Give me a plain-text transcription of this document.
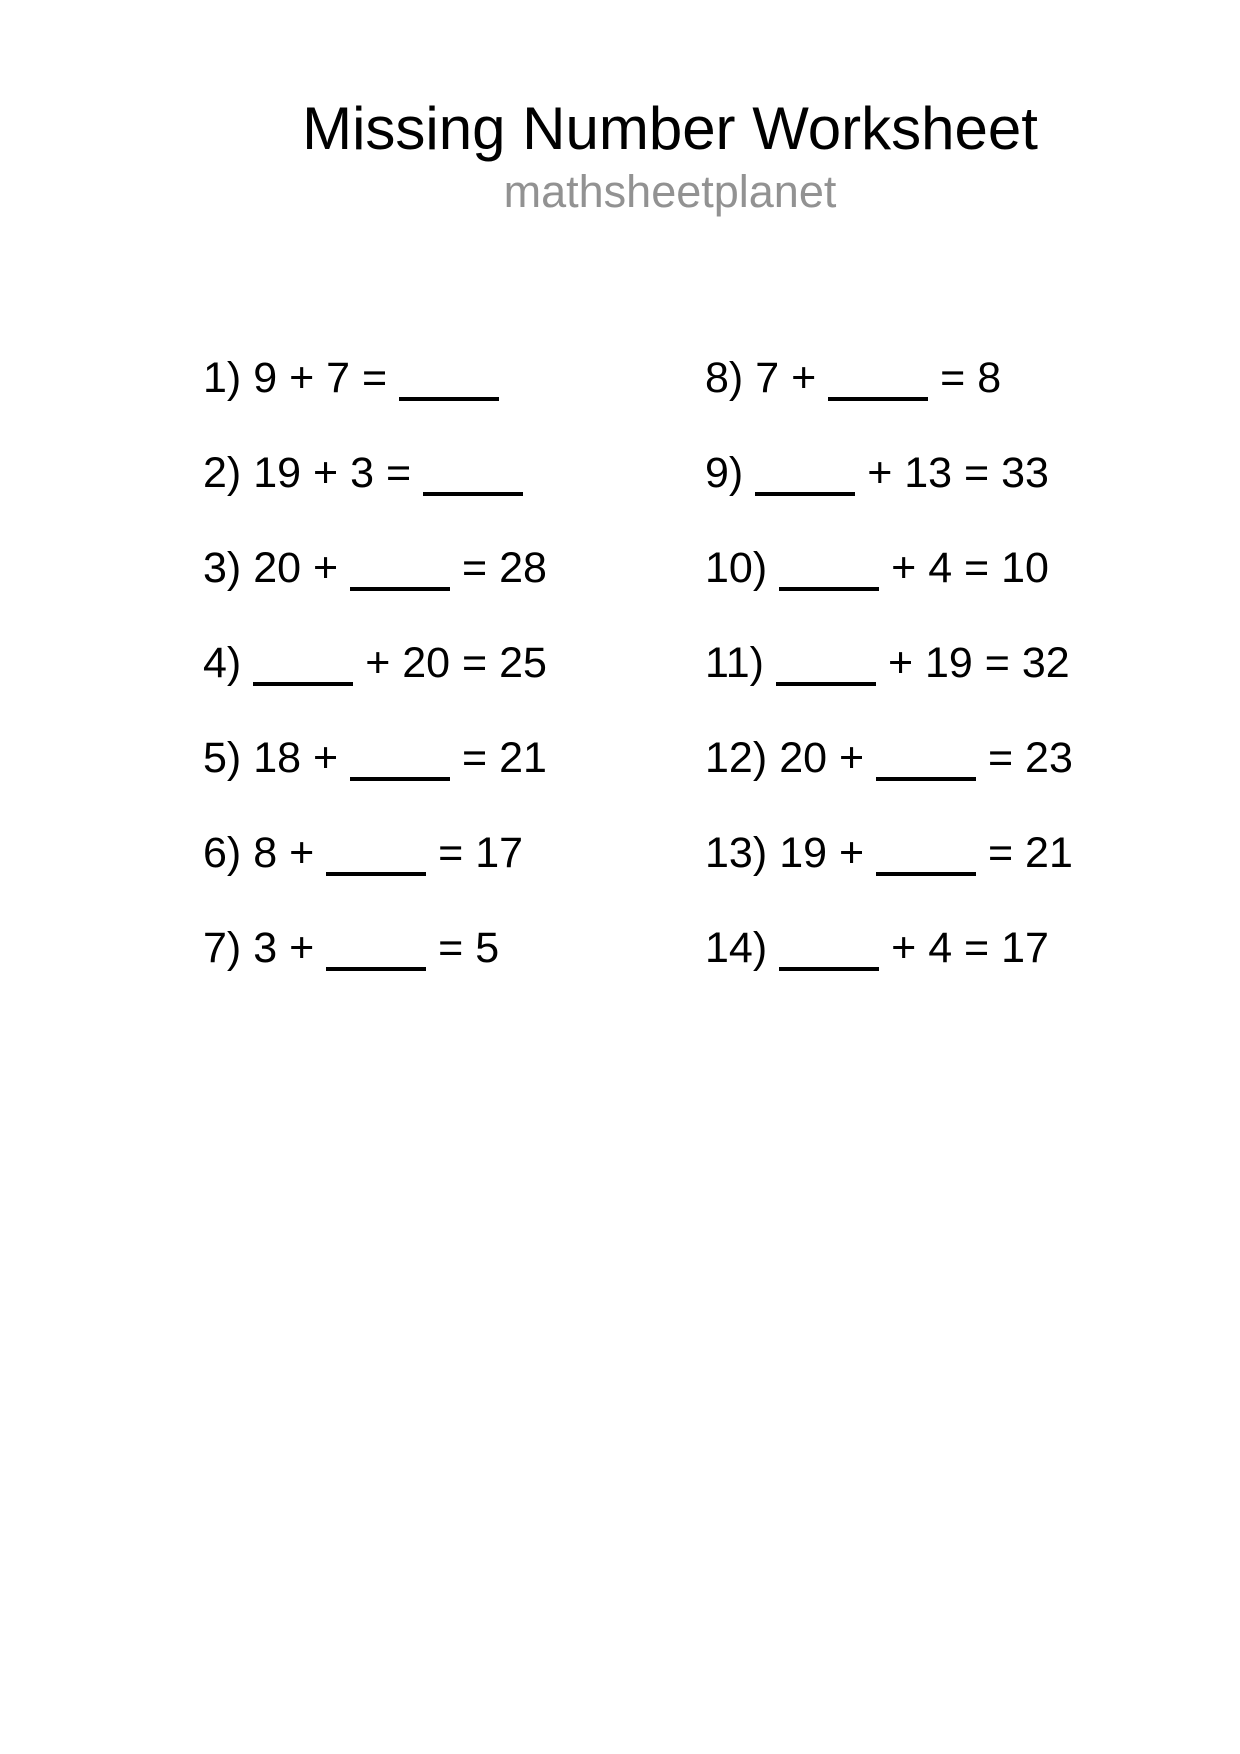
Missing Number Worksheet
mathsheetplanet
1) 9 + 7 =
2) 19 + 3 =
3) 20 +  = 28
4)	+ 20 = 25
5) 18 +  = 21
6) 8 +  = 17
7) 3 +  = 5
8) 7 +  = 8
9)	+ 13 = 33
10)	+ 4 = 10
11)	+ 19 = 32
12) 20 +  = 23
13) 19 +  = 21
14)	+ 4 = 17
